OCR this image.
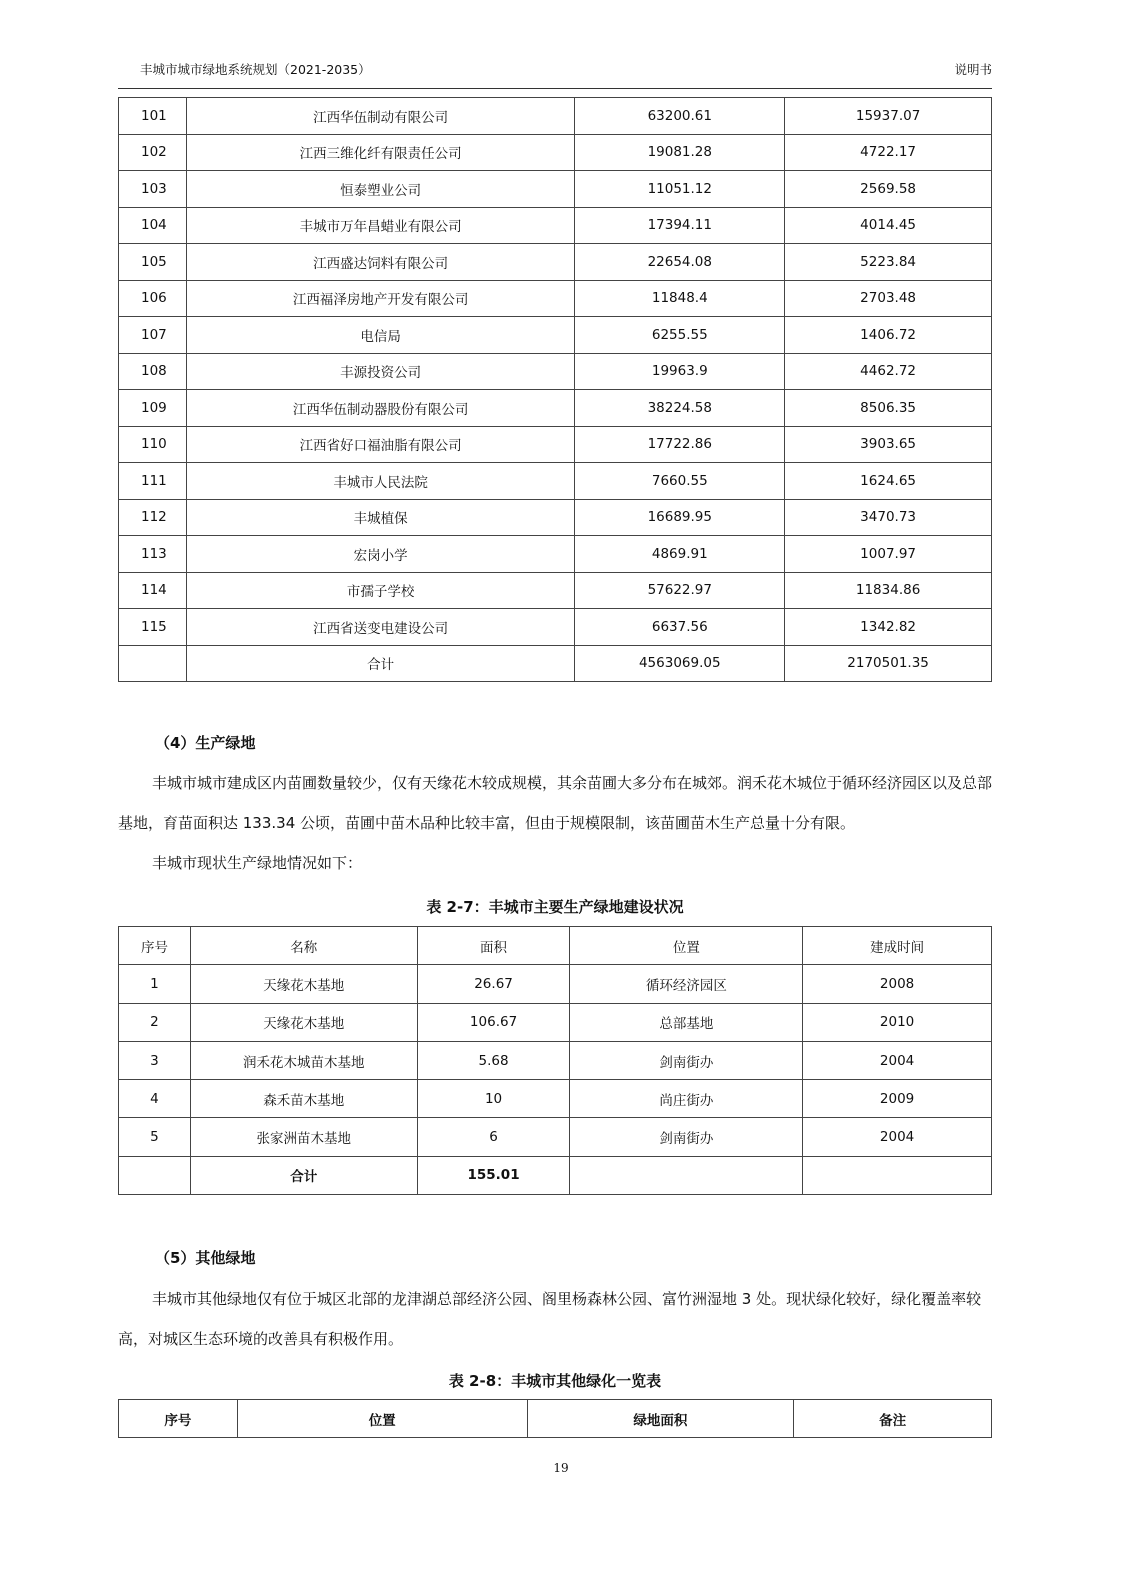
丰城市城市绿地系统规划（2021-2035）	说明书
101	江西华伍制动有限公司	63200.61	15937.07
102	江西三维化纤有限责任公司	19081.28	4722.17
103	恒泰塑业公司	11051.12	2569.58
104	丰城市万年昌蜡业有限公司	17394.11	4014.45
105	江西盛达饲料有限公司	22654.08	5223.84
106	江西福泽房地产开发有限公司	11848.4	2703.48
107	电信局	6255.55	1406.72
108	丰源投资公司	19963.9	4462.72
109	江西华伍制动器股份有限公司	38224.58	8506.35
110	江西省好口福油脂有限公司	17722.86	3903.65
111	丰城市人民法院	7660.55	1624.65
112	丰城植保	16689.95	3470.73
113	宏岗小学	4869.91	1007.97
114	市孺子学校	57622.97	11834.86
115	江西省送变电建设公司	6637.56	1342.82
	合计	4563069.05	2170501.35
（4）生产绿地

丰城市城市建成区内苗圃数量较少，仅有天缘花木较成规模，其余苗圃大多分布在城郊。润禾花木城位于循环经济园区以及总部基地，育苗面积达 133.34 公顷，苗圃中苗木品种比较丰富，但由于规模限制，该苗圃苗木生产总量十分有限。

丰城市现状生产绿地情况如下：

表 2-7：丰城市主要生产绿地建设状况
序号	名称	面积	位置	建成时间
1	天缘花木基地	26.67	循环经济园区	2008
2	天缘花木基地	106.67	总部基地	2010
3	润禾花木城苗木基地	5.68	剑南街办	2004
4	森禾苗木基地	10	尚庄街办	2009
5	张家洲苗木基地	6	剑南街办	2004
	合计	155.01		
（5）其他绿地

丰城市其他绿地仅有位于城区北部的龙津湖总部经济公园、阁里杨森林公园、富竹洲湿地 3 处。现状绿化较好，绿化覆盖率较高，对城区生态环境的改善具有积极作用。

表 2-8：丰城市其他绿化一览表
序号	位置	绿地面积	备注
19
